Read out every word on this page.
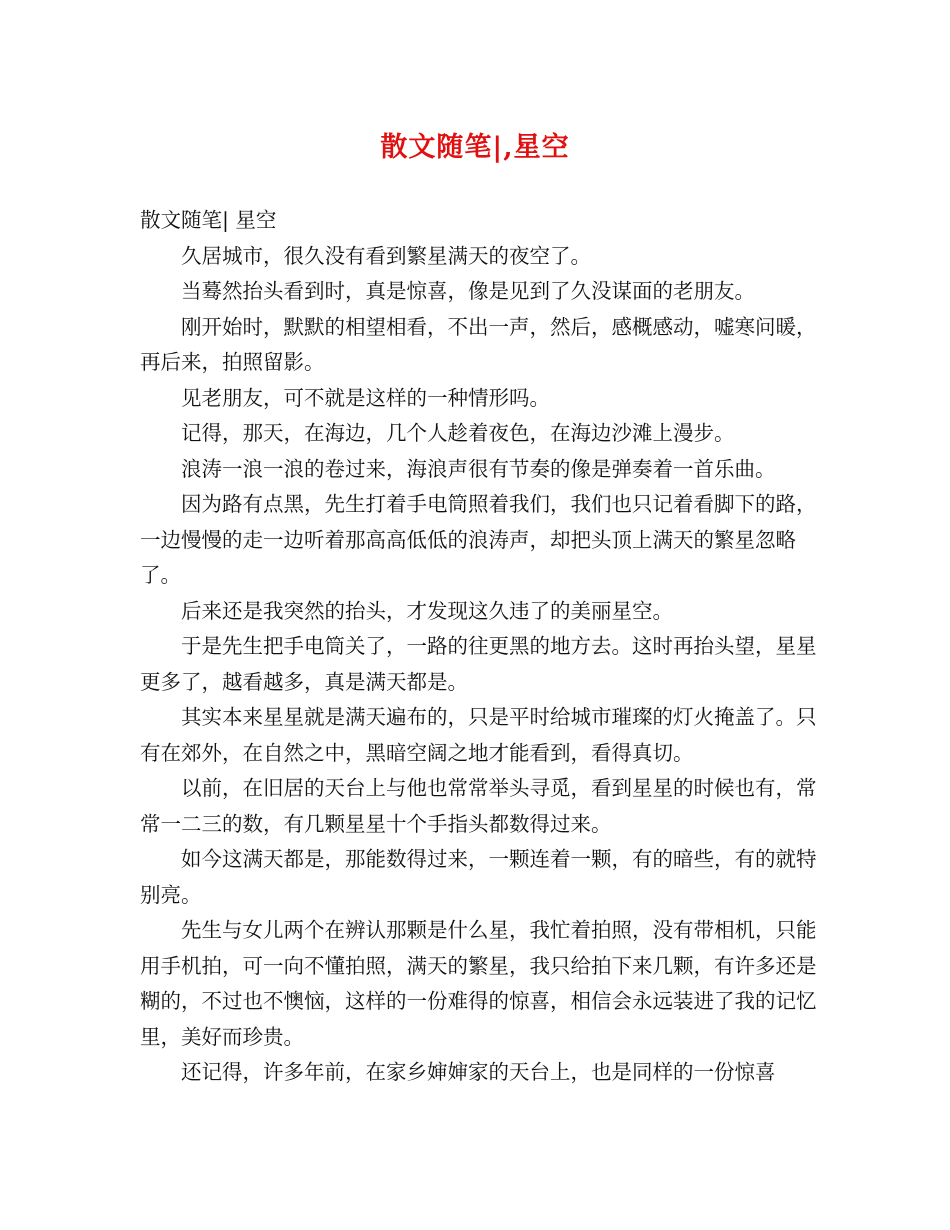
散文随笔|,星空

散文随笔| 星空

久居城市，很久没有看到繁星满天的夜空了。

当蓦然抬头看到时，真是惊喜，像是见到了久没谋面的老朋友。

刚开始时，默默的相望相看，不出一声，然后，感概感动，嘘寒问暖，再后来，拍照留影。

见老朋友，可不就是这样的一种情形吗。

记得，那天，在海边，几个人趁着夜色，在海边沙滩上漫步。

浪涛一浪一浪的卷过来，海浪声很有节奏的像是弹奏着一首乐曲。

因为路有点黑，先生打着手电筒照着我们，我们也只记着看脚下的路，一边慢慢的走一边听着那高高低低的浪涛声，却把头顶上满天的繁星忽略了。

后来还是我突然的抬头，才发现这久违了的美丽星空。

于是先生把手电筒关了，一路的往更黑的地方去。这时再抬头望，星星更多了，越看越多，真是满天都是。

其实本来星星就是满天遍布的，只是平时给城市璀璨的灯火掩盖了。只有在郊外，在自然之中，黑暗空阔之地才能看到，看得真切。

以前，在旧居的天台上与他也常常举头寻觅，看到星星的时候也有，常常一二三的数，有几颗星星十个手指头都数得过来。

如今这满天都是，那能数得过来，一颗连着一颗，有的暗些，有的就特别亮。

先生与女儿两个在辨认那颗是什么星，我忙着拍照，没有带相机，只能用手机拍，可一向不懂拍照，满天的繁星，我只给拍下来几颗，有许多还是糊的，不过也不懊恼，这样的一份难得的惊喜，相信会永远装进了我的记忆里，美好而珍贵。

还记得，许多年前，在家乡婶婶家的天台上，也是同样的一份惊喜
